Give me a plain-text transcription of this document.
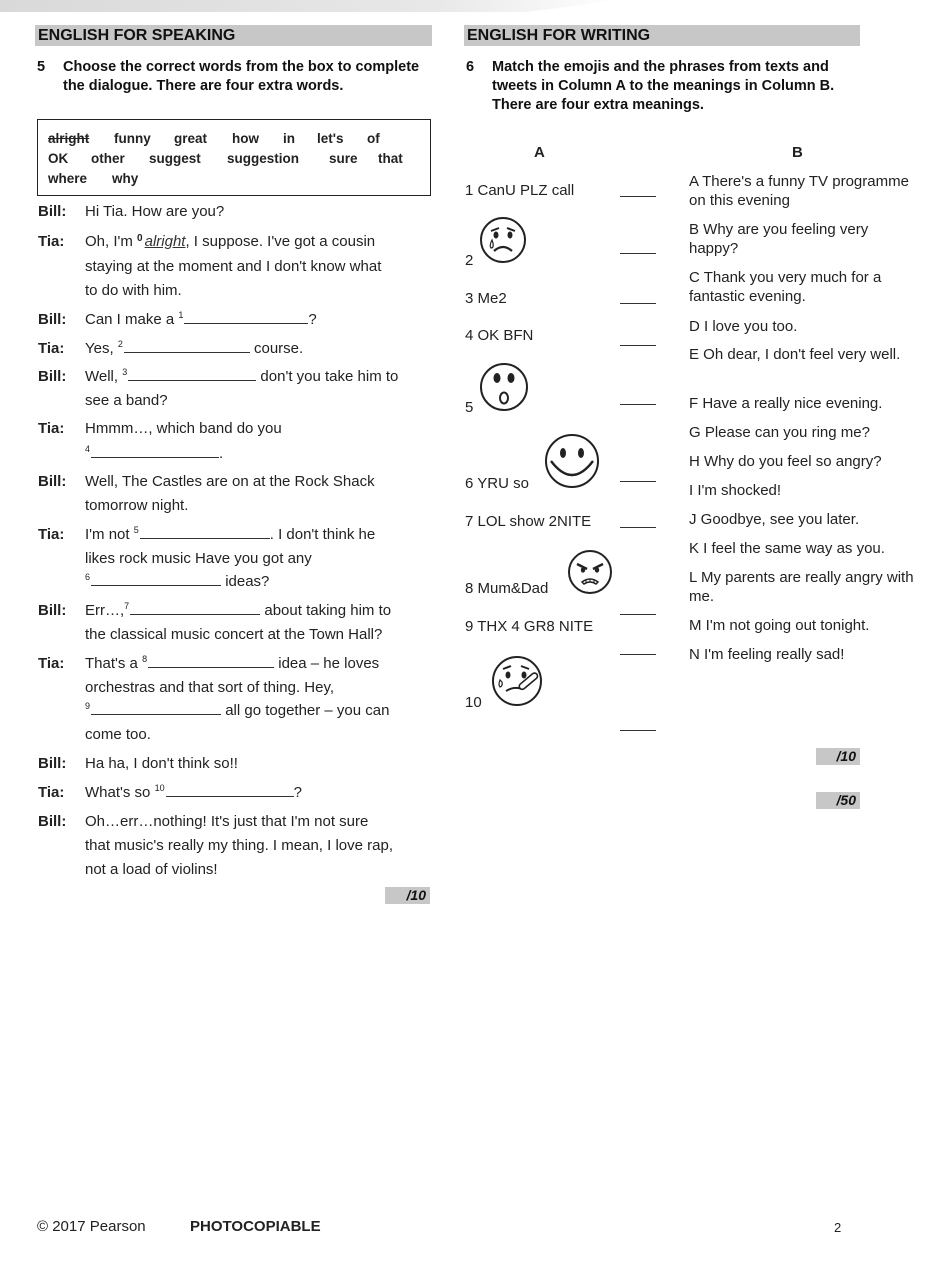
ENGLISH FOR SPEAKING
5 Choose the correct words from the box to complete the dialogue. There are four extra words.
alright funny great how in let's of
OK other suggest suggestion sure that
where why
Bill: Hi Tia. How are you?
Tia: Oh, I'm $^0$ alright, I suppose. I've got a cousin
staying at the moment and I don't know what
to do with him.
Bill: Can I make a $^1$	?
Tia: Yes, $^2$	course.
Bill: Well, $^3$	don't you take him to
see a band?
Tia: Hmmm…, which band do you
$^4$	.
Bill: Well, The Castles are on at the Rock Shack
tomorrow night.
Tia: I'm not $^5$	. I don't think he
likes rock music Have you got any
$^6$	ideas?
Bill: Err…,$^7$	about taking him to
the classical music concert at the Town Hall?
Tia: That's a $^8$	idea – he loves
orchestras and that sort of thing. Hey,
$^9$	all go together – you can
come too.
Bill: Ha ha, I don't think so!!
Tia: What's so $^{10}$	?
Bill: Oh…err…nothing! It's just that I'm not sure
that music's really my thing. I mean, I love rap,
not a load of violins!
/10
ENGLISH FOR WRITING
6 Match the emojis and the phrases from texts and tweets in Column A to the meanings in Column B. There are four extra meanings.
A	B
1 CanU PLZ call
2
3 Me2
4 OK BFN
5
6 YRU so
7 LOL show 2NITE
8 Mum&Dad
9 THX 4 GR8 NITE
10
A There's a funny TV programme on this evening
B Why are you feeling very happy?
C Thank you very much for a fantastic evening.
D I love you too.
E Oh dear, I don't feel very well.
F Have a really nice evening.
G Please can you ring me?
H Why do you feel so angry?
I I'm shocked!
J Goodbye, see you later.
K I feel the same way as you.
L My parents are really angry with me.
M I'm not going out tonight.
N I'm feeling really sad!
/10
/50
© 2017 Pearson	PHOTOCOPIABLE	2
